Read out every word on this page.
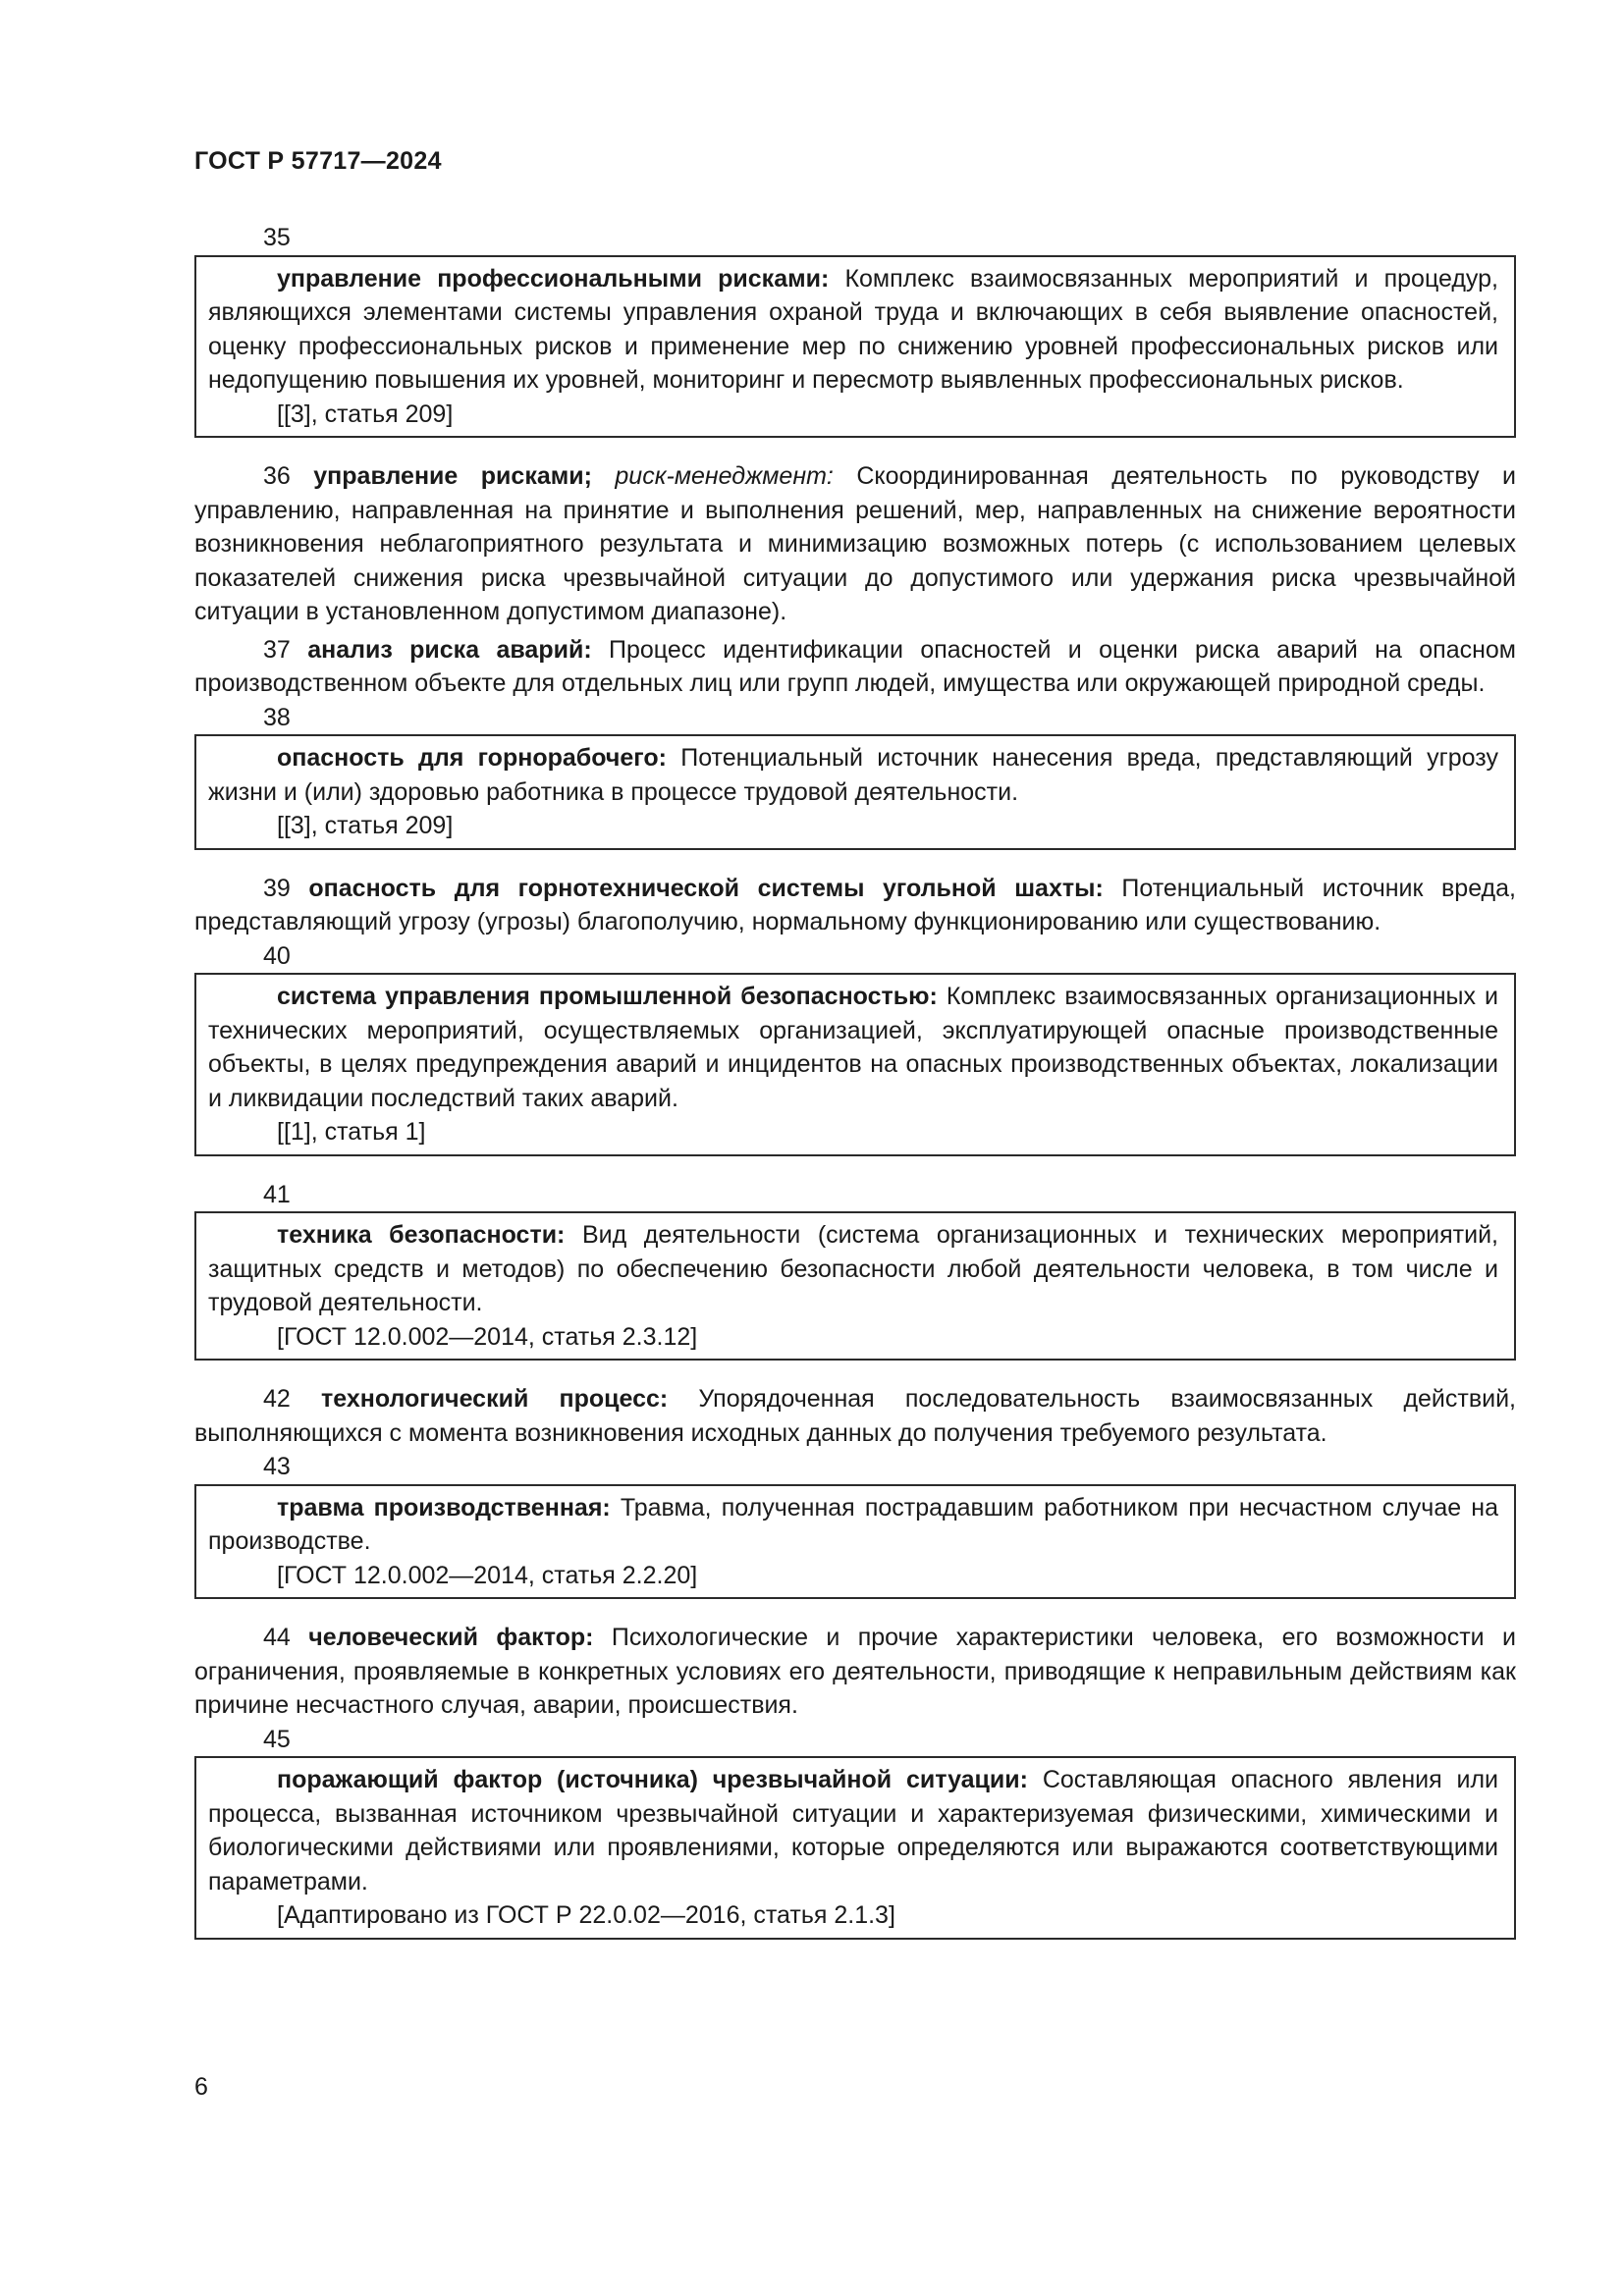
ГОСТ Р 57717—2024

35

управление профессиональными рисками: Комплекс взаимосвязанных мероприятий и процедур, являющихся элементами системы управления охраной труда и включающих в себя выявление опасностей, оценку профессиональных рисков и применение мер по снижению уровней профессиональных рисков или недопущению повышения их уровней, мониторинг и пересмотр выявленных профессиональных рисков.

[[3], статья 209]

36 управление рисками; риск-менеджмент: Скоординированная деятельность по руководству и управлению, направленная на принятие и выполнения решений, мер, направленных на снижение вероятности возникновения неблагоприятного результата и минимизацию возможных потерь (с использованием целевых показателей снижения риска чрезвычайной ситуации до допустимого или удержания риска чрезвычайной ситуации в установленном допустимом диапазоне).

37 анализ риска аварий: Процесс идентификации опасностей и оценки риска аварий на опасном производственном объекте для отдельных лиц или групп людей, имущества или окружающей природной среды.

38

опасность для горнорабочего: Потенциальный источник нанесения вреда, представляющий угрозу жизни и (или) здоровью работника в процессе трудовой деятельности.

[[3], статья 209]

39 опасность для горнотехнической системы угольной шахты: Потенциальный источник вреда, представляющий угрозу (угрозы) благополучию, нормальному функционированию или существованию.

40

система управления промышленной безопасностью: Комплекс взаимосвязанных организационных и технических мероприятий, осуществляемых организацией, эксплуатирующей опасные производственные объекты, в целях предупреждения аварий и инцидентов на опасных производственных объектах, локализации и ликвидации последствий таких аварий.

[[1], статья 1]

41

техника безопасности: Вид деятельности (система организационных и технических мероприятий, защитных средств и методов) по обеспечению безопасности любой деятельности человека, в том числе и трудовой деятельности.

[ГОСТ 12.0.002—2014, статья 2.3.12]

42 технологический процесс: Упорядоченная последовательность взаимосвязанных действий, выполняющихся с момента возникновения исходных данных до получения требуемого результата.

43

травма производственная: Травма, полученная пострадавшим работником при несчастном случае на производстве.

[ГОСТ 12.0.002—2014, статья 2.2.20]

44 человеческий фактор: Психологические и прочие характеристики человека, его возможности и ограничения, проявляемые в конкретных условиях его деятельности, приводящие к неправильным действиям как причине несчастного случая, аварии, происшествия.

45

поражающий фактор (источника) чрезвычайной ситуации: Составляющая опасного явления или процесса, вызванная источником чрезвычайной ситуации и характеризуемая физическими, химическими и биологическими действиями или проявлениями, которые определяются или выражаются соответствующими параметрами.

[Адаптировано из ГОСТ Р 22.0.02—2016, статья 2.1.3]

6
